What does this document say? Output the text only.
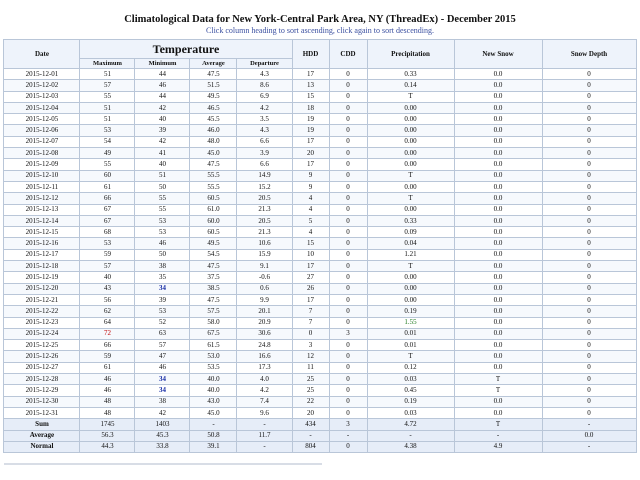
Climatological Data for New York-Central Park Area, NY (ThreadEx) - December 2015
Click column heading to sort ascending, click again to sort descending.
Date	Temperature				HDD	CDD	Precipitation	New Snow	Snow Depth
	Maximum	Minimum	Average	Departure					
2015-12-01	51	44	47.5	4.3	17	0	0.33	0.0	0
2015-12-02	57	46	51.5	8.6	13	0	0.14	0.0	0
2015-12-03	55	44	49.5	6.9	15	0	T	0.0	0
2015-12-04	51	42	46.5	4.2	18	0	0.00	0.0	0
2015-12-05	51	40	45.5	3.5	19	0	0.00	0.0	0
2015-12-06	53	39	46.0	4.3	19	0	0.00	0.0	0
2015-12-07	54	42	48.0	6.6	17	0	0.00	0.0	0
2015-12-08	49	41	45.0	3.9	20	0	0.00	0.0	0
2015-12-09	55	40	47.5	6.6	17	0	0.00	0.0	0
2015-12-10	60	51	55.5	14.9	9	0	T	0.0	0
2015-12-11	61	50	55.5	15.2	9	0	0.00	0.0	0
2015-12-12	66	55	60.5	20.5	4	0	T	0.0	0
2015-12-13	67	55	61.0	21.3	4	0	0.00	0.0	0
2015-12-14	67	53	60.0	20.5	5	0	0.33	0.0	0
2015-12-15	68	53	60.5	21.3	4	0	0.09	0.0	0
2015-12-16	53	46	49.5	10.6	15	0	0.04	0.0	0
2015-12-17	59	50	54.5	15.9	10	0	1.21	0.0	0
2015-12-18	57	38	47.5	9.1	17	0	T	0.0	0
2015-12-19	40	35	37.5	-0.6	27	0	0.00	0.0	0
2015-12-20	43	34	38.5	0.6	26	0	0.00	0.0	0
2015-12-21	56	39	47.5	9.9	17	0	0.00	0.0	0
2015-12-22	62	53	57.5	20.1	7	0	0.19	0.0	0
2015-12-23	64	52	58.0	20.9	7	0	1.55	0.0	0
2015-12-24	72	63	67.5	30.6	0	3	0.01	0.0	0
2015-12-25	66	57	61.5	24.8	3	0	0.01	0.0	0
2015-12-26	59	47	53.0	16.6	12	0	T	0.0	0
2015-12-27	61	46	53.5	17.3	11	0	0.12	0.0	0
2015-12-28	46	34	40.0	4.0	25	0	0.03	T	0
2015-12-29	46	34	40.0	4.2	25	0	0.45	T	0
2015-12-30	48	38	43.0	7.4	22	0	0.19	0.0	0
2015-12-31	48	42	45.0	9.6	20	0	0.03	0.0	0
Sum	1745	1403	-	-	434	3	4.72	T	-
Average	56.3	45.3	50.8	11.7	-	-	-	-	0.0
Normal	44.3	33.8	39.1	-	804	0	4.38	4.9	-
